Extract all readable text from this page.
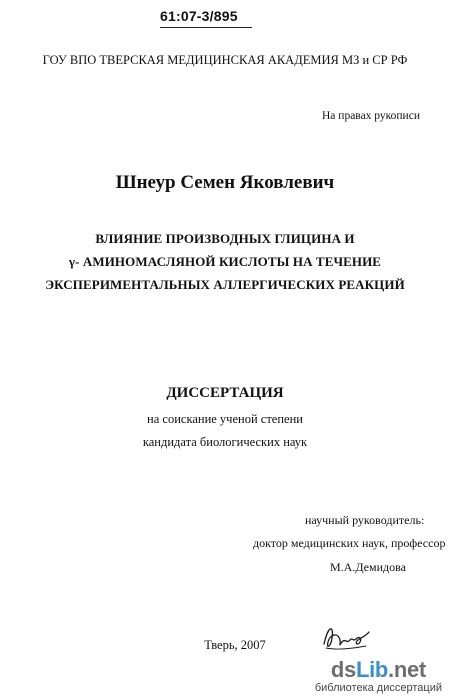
61:07-3/895
ГОУ ВПО ТВЕРСКАЯ МЕДИЦИНСКАЯ АКАДЕМИЯ МЗ и СР РФ
На правах рукописи
Шнеур Семен Яковлевич
ВЛИЯНИЕ ПРОИЗВОДНЫХ ГЛИЦИНА И
γ- АМИНОМАСЛЯНОЙ КИСЛОТЫ НА ТЕЧЕНИЕ
ЭКСПЕРИМЕНТАЛЬНЫХ АЛЛЕРГИЧЕСКИХ РЕАКЦИЙ
ДИССЕРТАЦИЯ
на соискание ученой степени
кандидата биологических наук
научный руководитель:
доктор медицинских наук, профессор
М.А.Демидова
Тверь, 2007
dsLib.net
библиотека диссертаций
